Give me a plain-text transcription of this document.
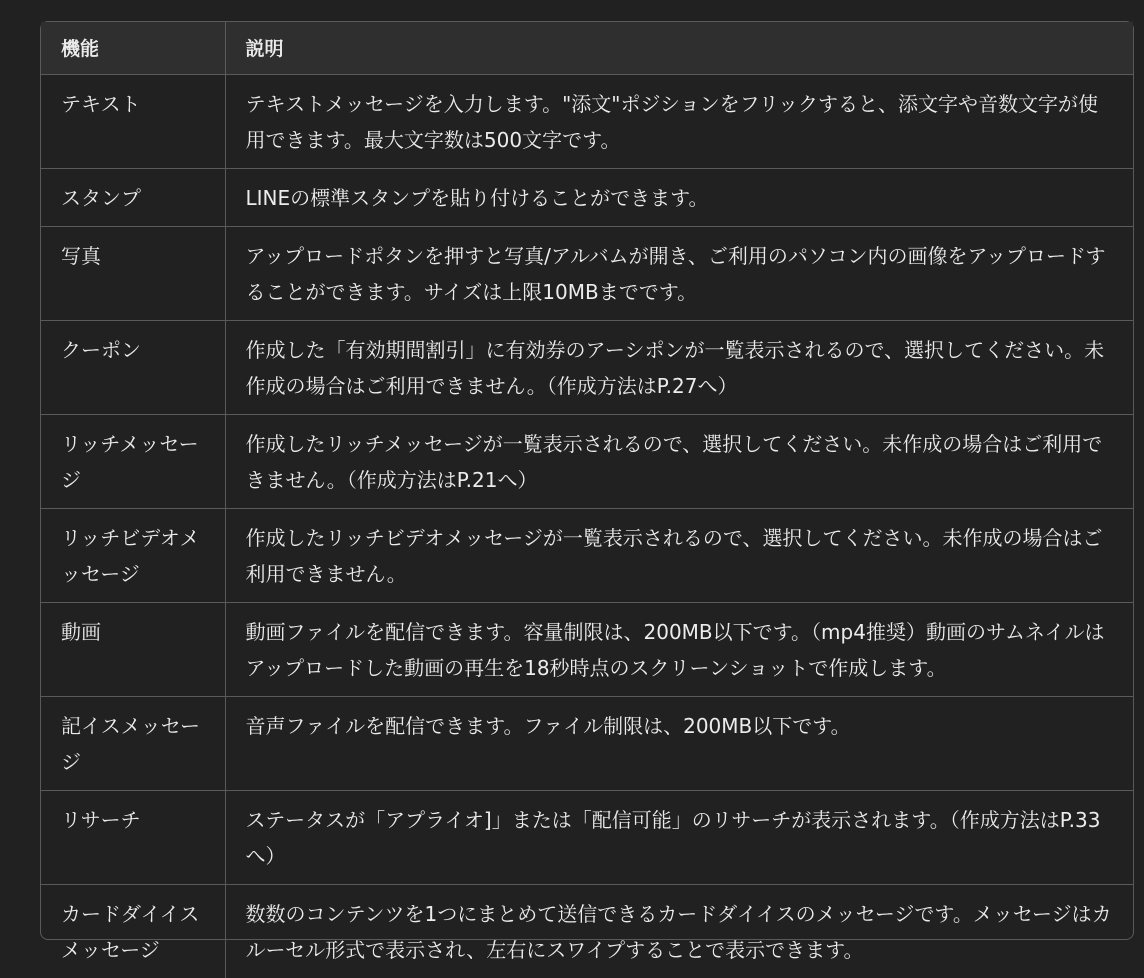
機能	説明
テキスト	テキストメッセージを入力します。"添文"ポジションをフリックすると、添文字や音数文字が使用できます。最大文字数は500文字です。
スタンプ	LINEの標準スタンプを貼り付けることができます。
写真	アップロードポタンを押すと写真/アルバムが開き、ご利用のパソコン内の画像をアップロードすることができます。サイズは上限10MBまでです。
クーポン	作成した「有効期間割引」に有効券のアーシポンが一覧表示されるので、選択してください。未作成の場合はご利用できません。（作成方法はP.27へ）
リッチメッセージ	作成したリッチメッセージが一覧表示されるので、選択してください。未作成の場合はご利用できません。（作成方法はP.21へ）
リッチビデオメッセージ	作成したリッチビデオメッセージが一覧表示されるので、選択してください。未作成の場合はご利用できません。
動画	動画ファイルを配信できます。容量制限は、200MB以下です。（mp4推奨）動画のサムネイルはアップロードした動画の再生を18秒時点のスクリーンショットで作成します。
記イスメッセージ	音声ファイルを配信できます。ファイル制限は、200MB以下です。
リサーチ	ステータスが「アプライオ]」または「配信可能」のリサーチが表示されます。（作成方法はP.33へ）
カードダイイスメッセージ	数数のコンテンツを1つにまとめて送信できるカードダイイスのメッセージです。メッセージはカルーセル形式で表示され、左右にスワイプすることで表示できます。
